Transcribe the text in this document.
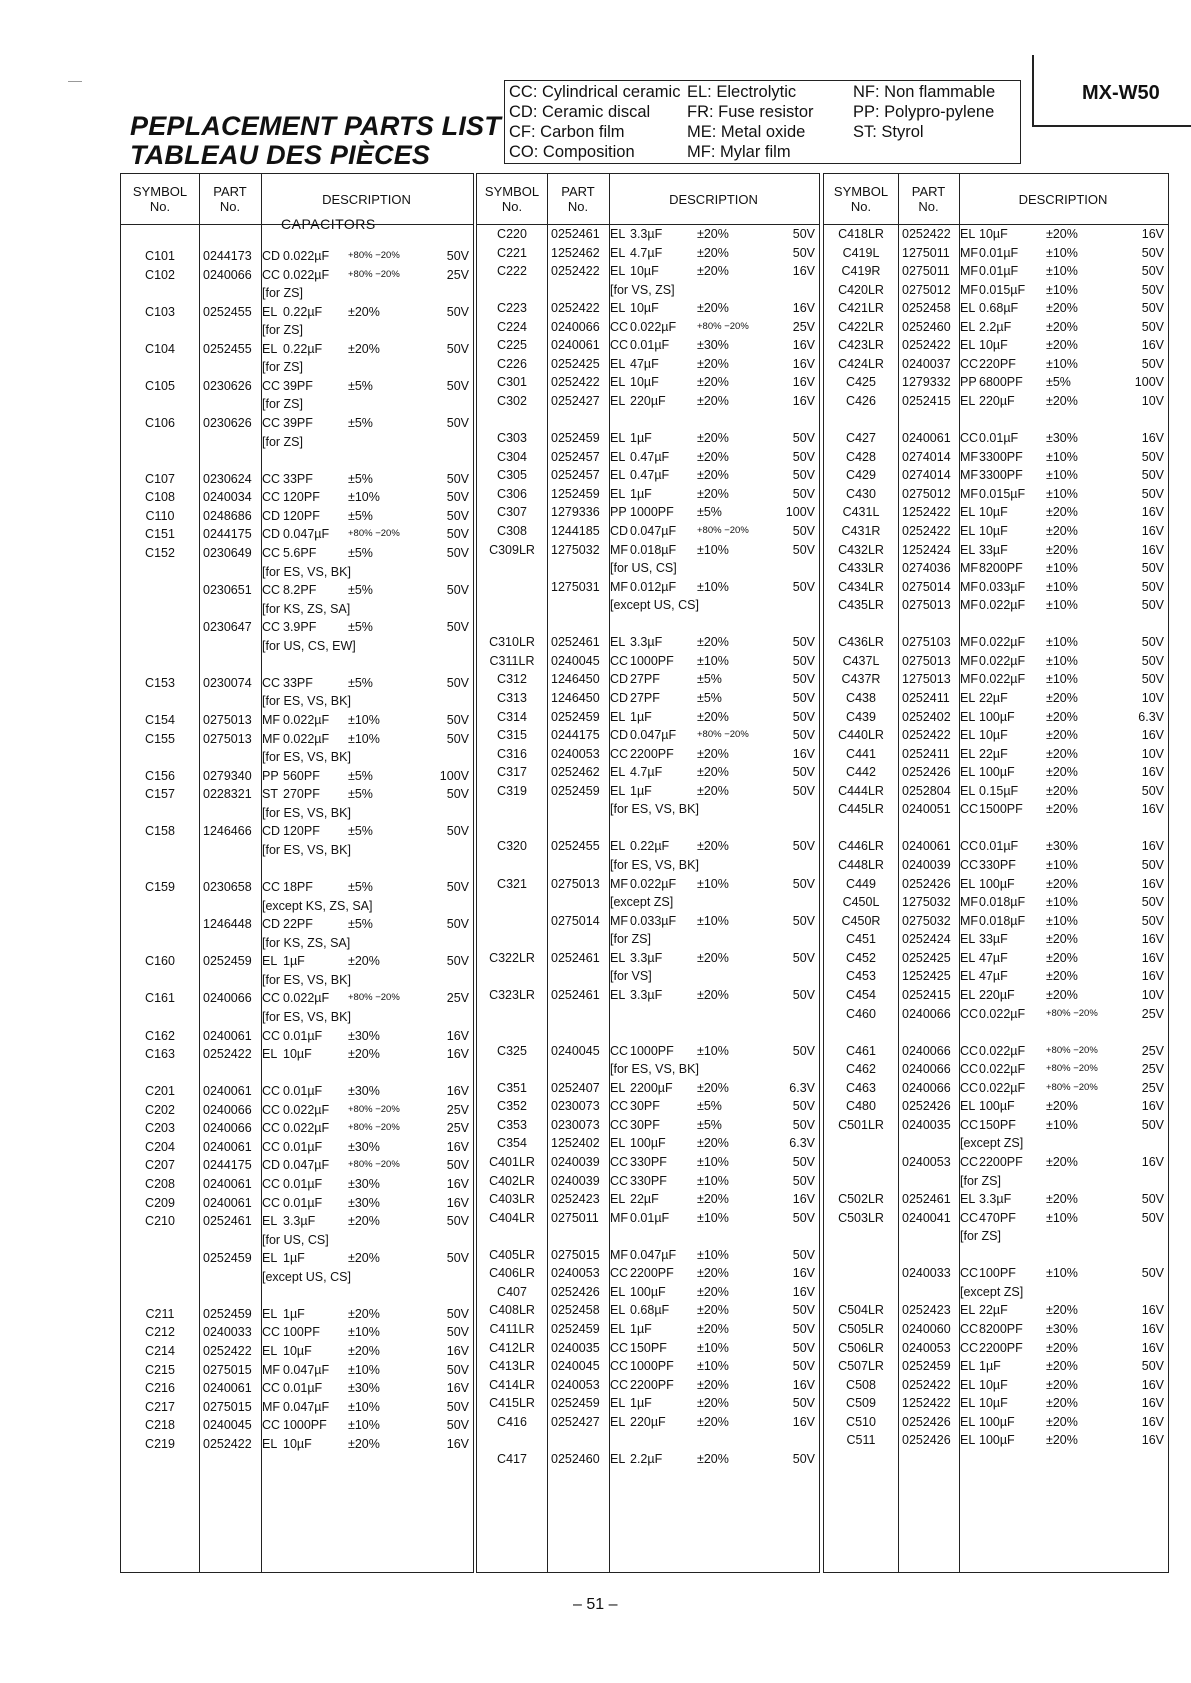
PEPLACEMENT PARTS LIST
TABLEAU DES PIÈCES
CC: Cylindrical ceramic EL: Electrolytic	NF: Non flammable
CD: Ceramic discal FR: Fuse resistor PP: Polypro-pylene
CF: Carbon film	ME: Metal oxide	ST: Styrol
CO: Composition	MF: Mylar film
MX-W50
SYMBOL
No.
PART
No.	DESCRIPTION
CAPACITORS
C101	0244173 CD 0.022µF +80% −20%	50V
C102	0240066 CC 0.022µF +80% −20%	25V
[for ZS]
C103	0252455 EL 0.22µF ±20%	50V
[for ZS]
C104	0252455 EL 0.22µF ±20%	50V
[for ZS]
C105	0230626 CC 39PF	±5%	50V
[for ZS]
C106	0230626 CC 39PF	±5%	50V
[for ZS]
C107	0230624 CC 33PF	±5%	50V
C108	0240034 CC 120PF ±10%	50V
C110	0248686 CD 120PF ±5%	50V
C151	0244175 CD 0.047µF +80% −20%	50V
C152	0230649 CC 5.6PF	±5%	50V
[for ES, VS, BK]
0230651 CC 8.2PF	±5%	50V
[for KS, ZS, SA]
0230647 CC 3.9PF	±5%	50V
[for US, CS, EW]
C153	0230074 CC 33PF	±5%	50V
[for ES, VS, BK]
C154	0275013 MF 0.022µF ±10%	50V
C155	0275013 MF 0.022µF ±10%	50V
[for ES, VS, BK]
C156	0279340 PP 560PF ±5%	100V
C157	0228321 ST 270PF ±5%	50V
[for ES, VS, BK]
C158	1246466 CD 120PF ±5%	50V
[for ES, VS, BK]
C159	0230658 CC 18PF	±5%	50V
[except KS, ZS, SA]
1246448 CD 22PF	±5%	50V
[for KS, ZS, SA]
C160	0252459 EL 1µF	±20%	50V
[for ES, VS, BK]
C161	0240066 CC 0.022µF +80% −20%	25V
[for ES, VS, BK]
C162	0240061 CC 0.01µF ±30%	16V
C163	0252422 EL 10µF	±20%	16V
C201	0240061 CC 0.01µF ±30%	16V
C202	0240066 CC 0.022µF +80% −20%	25V
C203	0240066 CC 0.022µF +80% −20%	25V
C204	0240061 CC 0.01µF ±30%	16V
C207	0244175 CD 0.047µF +80% −20%	50V
C208	0240061 CC 0.01µF ±30%	16V
C209	0240061 CC 0.01µF ±30%	16V
C210	0252461 EL 3.3µF	±20%	50V
[for US, CS]
0252459 EL 1µF	±20%	50V
[except US, CS]
C211	0252459 EL 1µF	±20%	50V
C212	0240033 CC 100PF ±10%	50V
C214	0252422 EL 10µF	±20%	16V
C215	0275015 MF 0.047µF ±10%	50V
C216	0240061 CC 0.01µF ±30%	16V
C217	0275015 MF 0.047µF ±10%	50V
C218	0240045 CC 1000PF ±10%	50V
C219	0252422 EL 10µF	±20%	16V
SYMBOL
No.
PART
No.	DESCRIPTION
C220	0252461 EL 3.3µF	±20%	50V
C221	1252462 EL 4.7µF	±20%	50V
C222	0252422 EL 10µF	±20%	16V
[for VS, ZS]
C223	0252422 EL 10µF	±20%	16V
C224	0240066 CC 0.022µF +80% −20%	25V
C225	0240061 CC 0.01µF ±30%	16V
C226	0252425 EL 47µF	±20%	16V
C301	0252422 EL 10µF	±20%	16V
C302	0252427 EL 220µF	±20%	16V
C303	0252459 EL 1µF	±20%	50V
C304	0252457 EL 0.47µF ±20%	50V
C305	0252457 EL 0.47µF ±20%	50V
C306	1252459 EL 1µF	±20%	50V
C307	1279336 PP 1000PF ±5%	100V
C308	1244185 CD 0.047µF +80% −20%	50V
C309LR	1275032 MF 0.018µF ±10%	50V
[for US, CS]
1275031 MF 0.012µF ±10%	50V
[except US, CS]
C310LR	0252461 EL 3.3µF	±20%	50V
C311LR	0240045 CC 1000PF ±10%	50V
C312	1246450 CD 27PF	±5%	50V
C313	1246450 CD 27PF	±5%	50V
C314	0252459 EL 1µF	±20%	50V
C315	0244175 CD 0.047µF +80% −20%	50V
C316	0240053 CC 2200PF ±20%	16V
C317	0252462 EL 4.7µF	±20%	50V
C319	0252459 EL 1µF	±20%	50V
[for ES, VS, BK]
C320	0252455 EL 0.22µF ±20%	50V
[for ES, VS, BK]
C321	0275013 MF 0.022µF ±10%	50V
[except ZS]
0275014 MF 0.033µF ±10%	50V
[for ZS]
C322LR	0252461 EL 3.3µF	±20%	50V
[for VS]
C323LR	0252461 EL 3.3µF	±20%	50V
C325	0240045 CC 1000PF ±10%	50V
[for ES, VS, BK]
C351	0252407 EL 2200µF ±20%	6.3V
C352	0230073 CC 30PF	±5%	50V
C353	0230073 CC 30PF	±5%	50V
C354	1252402 EL 100µF	±20%	6.3V
C401LR	0240039 CC 330PF ±10%	50V
C402LR	0240039 CC 330PF ±10%	50V
C403LR	0252423 EL 22µF	±20%	16V
C404LR	0275011 MF 0.01µF ±10%	50V
C405LR	0275015 MF 0.047µF ±10%	50V
C406LR	0240053 CC 2200PF ±20%	16V
C407	0252426 EL 100µF	±20%	16V
C408LR	0252458 EL 0.68µF ±20%	50V
C411LR	0252459 EL 1µF	±20%	50V
C412LR	0240035 CC 150PF ±10%	50V
C413LR	0240045 CC 1000PF ±10%	50V
C414LR	0240053 CC 2200PF ±20%	16V
C415LR	0252459 EL 1µF	±20%	50V
C416	0252427 EL 220µF	±20%	16V
C417	0252460 EL 2.2µF	±20%	50V
SYMBOL
No.
PART
No.	DESCRIPTION
C418LR	0252422 EL 10µF	±20%	16V
C419L	1275011 MF 0.01µF ±10%	50V
C419R	0275011 MF 0.01µF ±10%	50V
C420LR	0275012 MF 0.015µF ±10%	50V
C421LR	0252458 EL 0.68µF ±20%	50V
C422LR	0252460 EL 2.2µF	±20%	50V
C423LR	0252422 EL 10µF	±20%	16V
C424LR	0240037 CC 220PF ±10%	50V
C425	1279332 PP 6800PF ±5%	100V
C426	0252415 EL 220µF	±20%	10V
C427	0240061 CC 0.01µF ±30%	16V
C428	0274014 MF 3300PF ±10%	50V
C429	0274014 MF 3300PF ±10%	50V
C430	0275012 MF 0.015µF ±10%	50V
C431L	1252422 EL 10µF	±20%	16V
C431R	0252422 EL 10µF	±20%	16V
C432LR	1252424 EL 33µF	±20%	16V
C433LR	0274036 MF 8200PF ±10%	50V
C434LR	0275014 MF 0.033µF ±10%	50V
C435LR	0275013 MF 0.022µF ±10%	50V
C436LR	0275103 MF 0.022µF ±10%	50V
C437L	0275013 MF 0.022µF ±10%	50V
C437R	1275013 MF 0.022µF ±10%	50V
C438	0252411 EL 22µF	±20%	10V
C439	0252402 EL 100µF	±20%	6.3V
C440LR	0252422 EL 10µF	±20%	16V
C441	0252411 EL 22µF	±20%	10V
C442	0252426 EL 100µF	±20%	16V
C444LR	0252804 EL 0.15µF ±20%	50V
C445LR	0240051 CC 1500PF ±20%	16V
C446LR	0240061 CC 0.01µF ±30%	16V
C448LR	0240039 CC 330PF ±10%	50V
C449	0252426 EL 100µF	±20%	16V
C450L	1275032 MF 0.018µF ±10%	50V
C450R	0275032 MF 0.018µF ±10%	50V
C451	0252424 EL 33µF	±20%	16V
C452	0252425 EL 47µF	±20%	16V
C453	1252425 EL 47µF	±20%	16V
C454	0252415 EL 220µF	±20%	10V
C460	0240066 CC 0.022µF +80% −20%	25V
C461	0240066 CC 0.022µF +80% −20%	25V
C462	0240066 CC 0.022µF +80% −20%	25V
C463	0240066 CC 0.022µF +80% −20%	25V
C480	0252426 EL 100µF	±20%	16V
C501LR	0240035 CC 150PF ±10%	50V
[except ZS]
0240053 CC 2200PF ±20%	16V
[for ZS]
C502LR	0252461 EL 3.3µF	±20%	50V
C503LR	0240041 CC 470PF ±10%	50V
[for ZS]
0240033 CC 100PF ±10%	50V
[except ZS]
C504LR	0252423 EL 22µF	±20%	16V
C505LR	0240060 CC 8200PF ±30%	16V
C506LR	0240053 CC 2200PF ±20%	16V
C507LR	0252459 EL 1µF	±20%	50V
C508	0252422 EL 10µF	±20%	16V
C509	1252422 EL 10µF	±20%	16V
C510	0252426 EL 100µF	±20%	16V
C511	0252426 EL 100µF	±20%	16V
– 51 –
